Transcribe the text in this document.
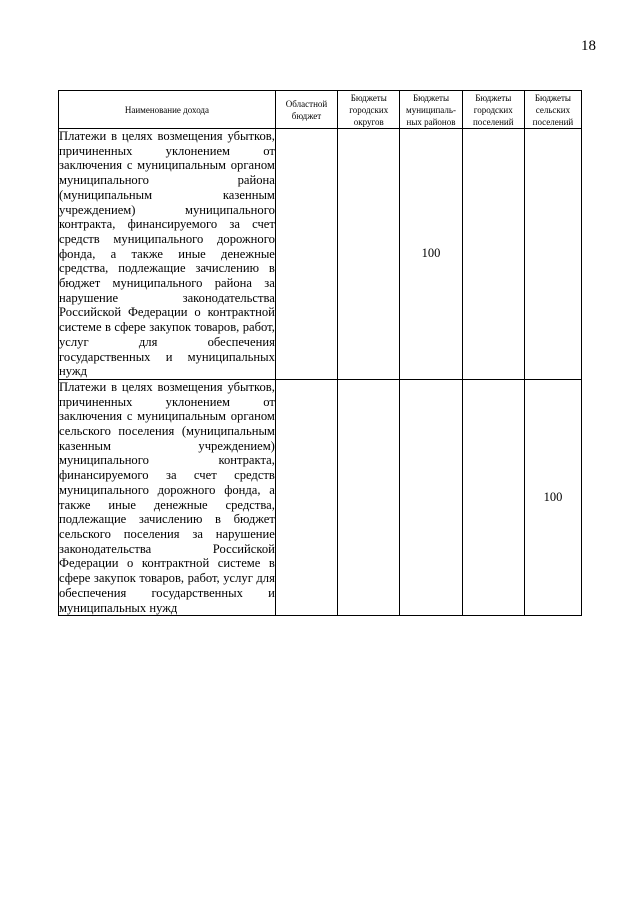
18
Наименование дохода	Областной бюджет	Бюджеты городских округов	Бюджеты муниципаль-ных районов	Бюджеты городских поселений	Бюджеты сельских поселений
Платежи в целях возмещения убытков, причиненных уклонением от заключения с муниципальным органом муниципального района (муниципальным казенным учреждением) муниципального контракта, финансируемого за счет средств муниципального дорожного фонда, а также иные денежные средства, подлежащие зачислению в бюджет муниципального района за нарушение законодательства Российской Федерации о контрактной системе в сфере закупок товаров, работ, услуг для обеспечения государственных и муниципальных нужд			100		
Платежи в целях возмещения убытков, причиненных уклонением от заключения с муниципальным органом сельского поселения (муниципальным казенным учреждением) муниципального контракта, финансируемого за счет средств муниципального дорожного фонда, а также иные денежные средства, подлежащие зачислению в бюджет сельского поселения за нарушение законодательства Российской Федерации о контрактной системе в сфере закупок товаров, работ, услуг для обеспечения государственных и муниципальных нужд					100
